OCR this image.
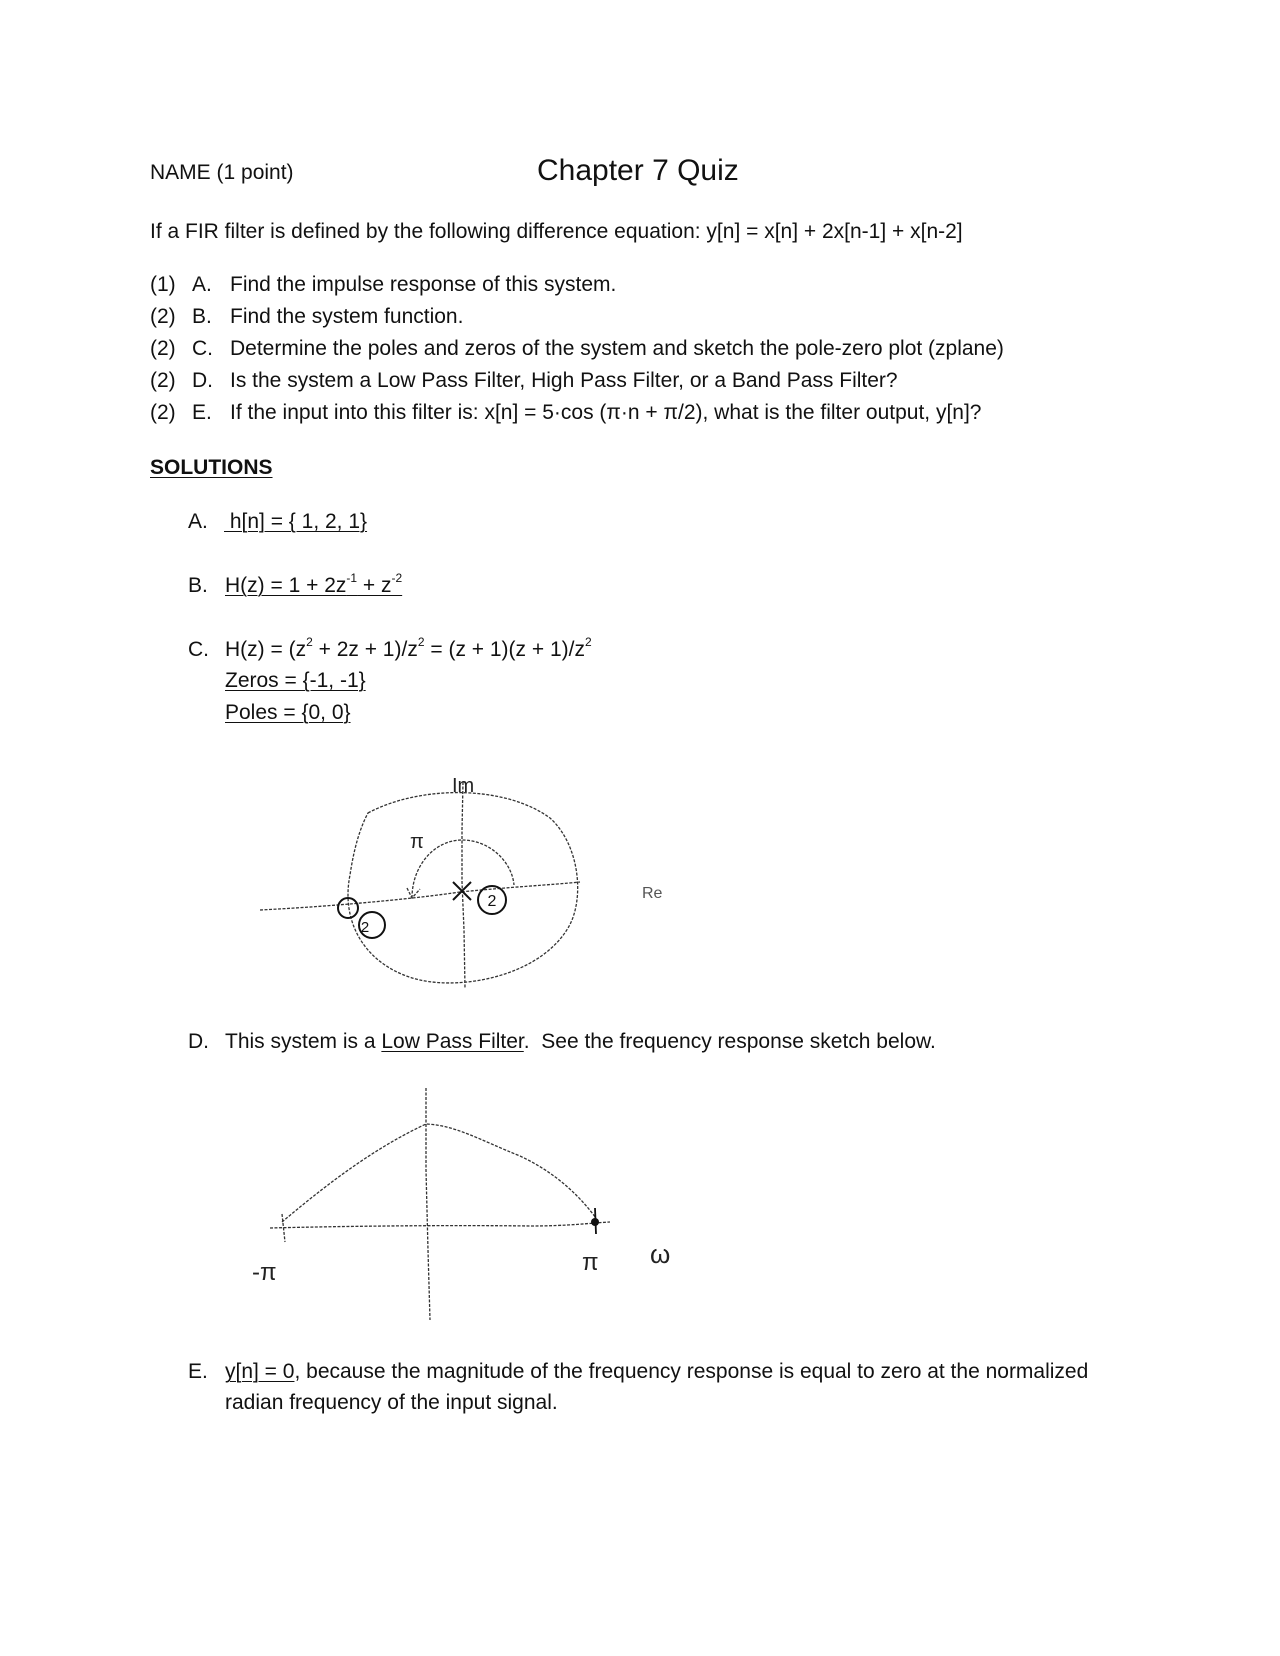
NAME (1 point)	Chapter 7 Quiz
If a FIR filter is defined by the following difference equation: y[n] = x[n] + 2x[n-1] + x[n-2]
(1) A. Find the impulse response of this system.
(2) B. Find the system function.
(2) C. Determine the poles and zeros of the system and sketch the pole-zero plot (zplane)
(2) D. Is the system a Low Pass Filter, High Pass Filter, or a Band Pass Filter?
(2) E. If the input into this filter is: x[n] = 5·cos (π·n + π/2), what is the filter output, y[n]?
SOLUTIONS
A. h[n] = { 1, 2, 1}
B. $H(z) = 1 + 2z^{-1} + z^{-2}$
C. $H(z) = (z^2 + 2z + 1)/z^2 = (z + 1)(z + 1)/z^2$
Zeros = {-1, -1}
Poles = {0, 0}
2
2
Im
Re
π
D. This system is a Low Pass Filter.  See the frequency response sketch below.
-π	π ω
E. y[n] = 0, because the magnitude of the frequency response is equal to zero at the normalized
radian frequency of the input signal.
